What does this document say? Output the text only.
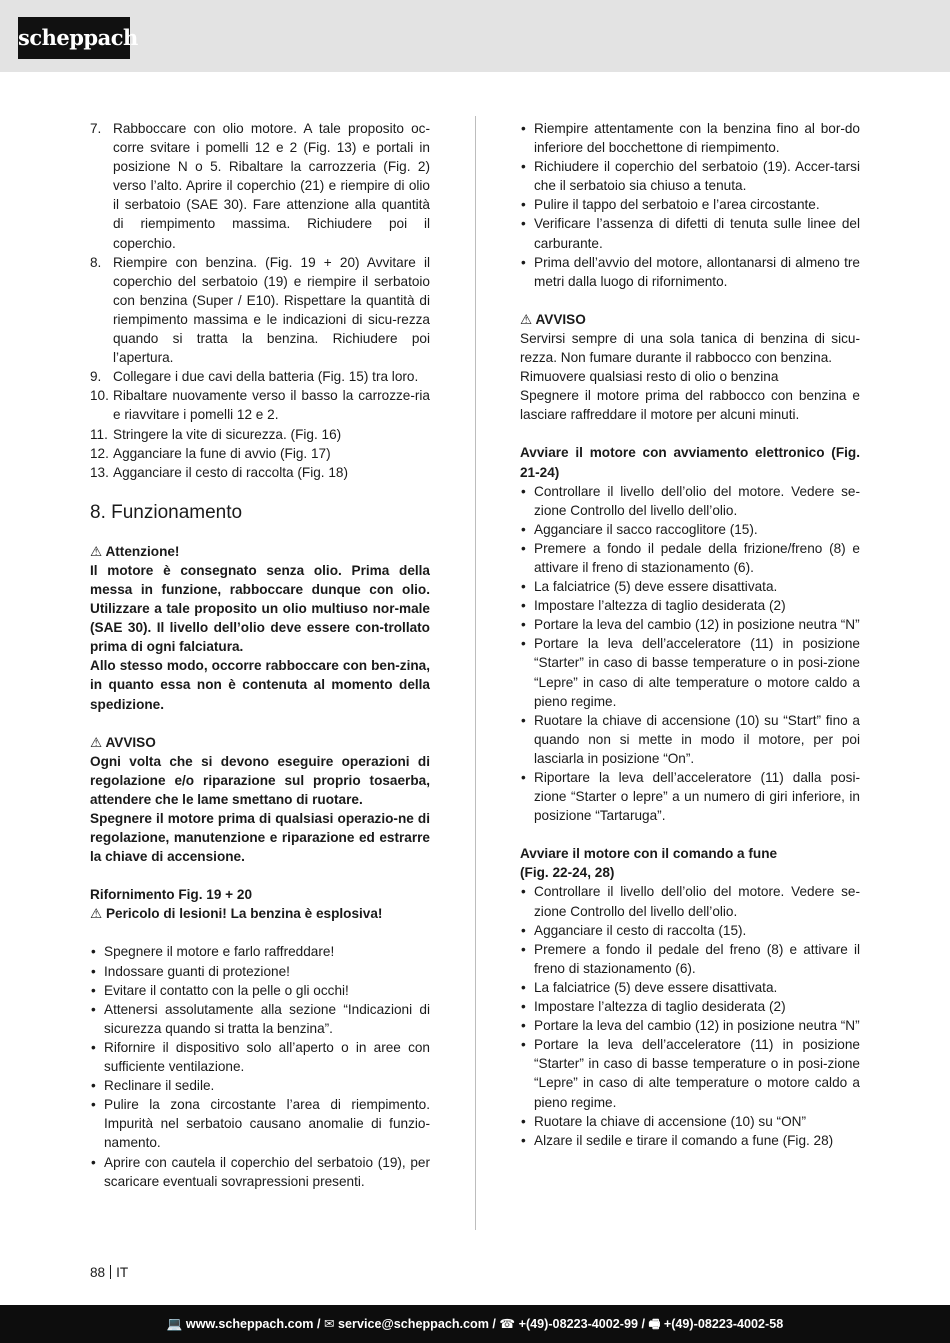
scheppach
7. Rabboccare con olio motore. A tale proposito oc-corre svitare i pomelli 12 e 2 (Fig. 13) e portali in posizione N o 5. Ribaltare la carrozzeria (Fig. 2) verso l’alto. Aprire il coperchio (21) e riempire di olio il serbatoio (SAE 30). Fare attenzione alla quantità di riempimento massima. Richiudere poi il coperchio.
8. Riempire con benzina. (Fig. 19 + 20) Avvitare il coperchio del serbatoio (19) e riempire il serbatoio con benzina (Super / E10). Rispettare la quantità di riempimento massima e le indicazioni di sicu-rezza quando si tratta la benzina. Richiudere poi l’apertura.
9. Collegare i due cavi della batteria (Fig. 15) tra loro.
10. Ribaltare nuovamente verso il basso la carrozze-ria e riavvitare i pomelli 12 e 2.
11. Stringere la vite di sicurezza. (Fig. 16)
12. Agganciare la fune di avvio (Fig. 17)
13. Agganciare il cesto di raccolta (Fig. 18)
8. Funzionamento

⚠ Attenzione!

Il motore è consegnato senza olio. Prima della messa in funzione, rabboccare dunque con olio. Utilizzare a tale proposito un olio multiuso nor-male (SAE 30). Il livello dell’olio deve essere con-trollato prima di ogni falciatura.

Allo stesso modo, occorre rabboccare con ben-zina, in quanto essa non è contenuta al momento della spedizione.

⚠ AVVISO

Ogni volta che si devono eseguire operazioni di regolazione e/o riparazione sul proprio tosaerba, attendere che le lame smettano di ruotare.

Spegnere il motore prima di qualsiasi operazio-ne di regolazione, manutenzione e riparazione ed estrarre la chiave di accensione.

Rifornimento Fig. 19 + 20

⚠ Pericolo di lesioni! La benzina è esplosiva!

• Spegnere il motore e farlo raffreddare!
• Indossare guanti di protezione!
• Evitare il contatto con la pelle o gli occhi!
• Attenersi assolutamente alla sezione “Indicazioni di sicurezza quando si tratta la benzina”.
• Rifornire il dispositivo solo all’aperto o in aree con sufficiente ventilazione.
• Reclinare il sedile.
• Pulire la zona circostante l’area di riempimento. Impurità nel serbatoio causano anomalie di funzio-namento.
• Aprire con cautela il coperchio del serbatoio (19), per scaricare eventuali sovrapressioni presenti.
• Riempire attentamente con la benzina fino al bor-do inferiore del bocchettone di riempimento.
• Richiudere il coperchio del serbatoio (19). Accer-tarsi che il serbatoio sia chiuso a tenuta.
• Pulire il tappo del serbatoio e l’area circostante.
• Verificare l’assenza di difetti di tenuta sulle linee del carburante.
• Prima dell’avvio del motore, allontanarsi di almeno tre metri dalla luogo di rifornimento.

⚠ AVVISO

Servirsi sempre di una sola tanica di benzina di sicu-rezza. Non fumare durante il rabbocco con benzina.

Rimuovere qualsiasi resto di olio o benzina

Spegnere il motore prima del rabbocco con benzina e lasciare raffreddare il motore per alcuni minuti.

Avviare il motore con avviamento elettronico (Fig. 21-24)

• Controllare il livello dell’olio del motore. Vedere se-zione Controllo del livello dell’olio.
• Agganciare il sacco raccoglitore (15).
• Premere a fondo il pedale della frizione/freno (8) e attivare il freno di stazionamento (6).
• La falciatrice (5) deve essere disattivata.
• Impostare l’altezza di taglio desiderata (2)
• Portare la leva del cambio (12) in posizione neutra “N”
• Portare la leva dell’acceleratore (11) in posizione “Starter” in caso di basse temperature o in posi-zione “Lepre” in caso di alte temperature o motore caldo a pieno regime.
• Ruotare la chiave di accensione (10) su “Start” fino a quando non si mette in modo il motore, per poi lasciarla in posizione “On”.
• Riportare la leva dell’acceleratore (11) dalla posi-zione “Starter o lepre” a un numero di giri inferiore, in posizione “Tartaruga”.

Avviare il motore con il comando a fune

(Fig. 22-24, 28)

• Controllare il livello dell’olio del motore. Vedere se-zione Controllo del livello dell’olio.
• Agganciare il cesto di raccolta (15).
• Premere a fondo il pedale del freno (8) e attivare il freno di stazionamento (6).
• La falciatrice (5) deve essere disattivata.
• Impostare l’altezza di taglio desiderata (2)
• Portare la leva del cambio (12) in posizione neutra “N”
• Portare la leva dell’acceleratore (11) in posizione “Starter” in caso di basse temperature o in posi-zione “Lepre” in caso di alte temperature o motore caldo a pieno regime.
• Ruotare la chiave di accensione (10) su “ON”
• Alzare il sedile e tirare il comando a fune (Fig. 28)
88 IT
💻 www.scheppach.com / ✉ service@scheppach.com / ☎ +(49)-08223-4002-99 / 🖷 +(49)-08223-4002-58
